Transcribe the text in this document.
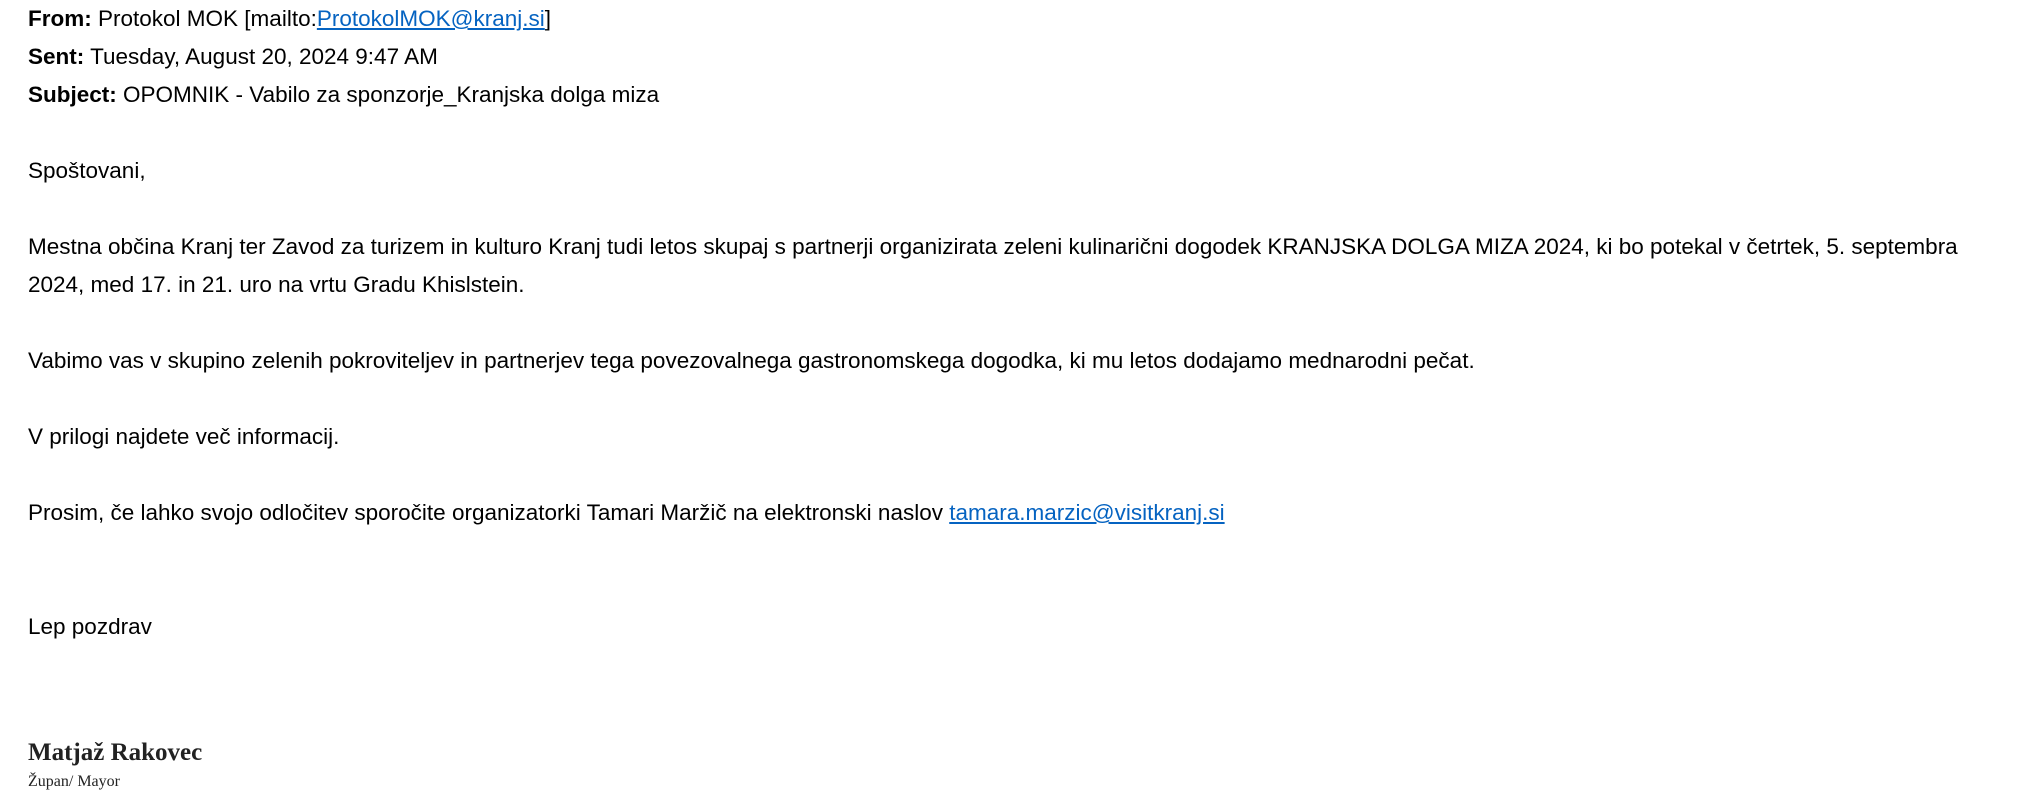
From: Protokol MOK [mailto:ProtokolMOK@kranj.si]
Sent: Tuesday, August 20, 2024 9:47 AM
Subject: OPOMNIK - Vabilo za sponzorje_Kranjska dolga miza

Spoštovani,

Mestna občina Kranj ter Zavod za turizem in kulturo Kranj tudi letos skupaj s partnerji organizirata zeleni kulinarični dogodek KRANJSKA DOLGA MIZA 2024, ki bo potekal v četrtek, 5. septembra 2024, med 17. in 21. uro na vrtu Gradu Khislstein.

Vabimo vas v skupino zelenih pokroviteljev in partnerjev tega povezovalnega gastronomskega dogodka, ki mu letos dodajamo mednarodni pečat.

V prilogi najdete več informacij.

Prosim, če lahko svojo odločitev sporočite organizatorki Tamari Maržič na elektronski naslov tamara.marzic@visitkranj.si

Lep pozdrav

Matjaž Rakovec

Župan/ Mayor
